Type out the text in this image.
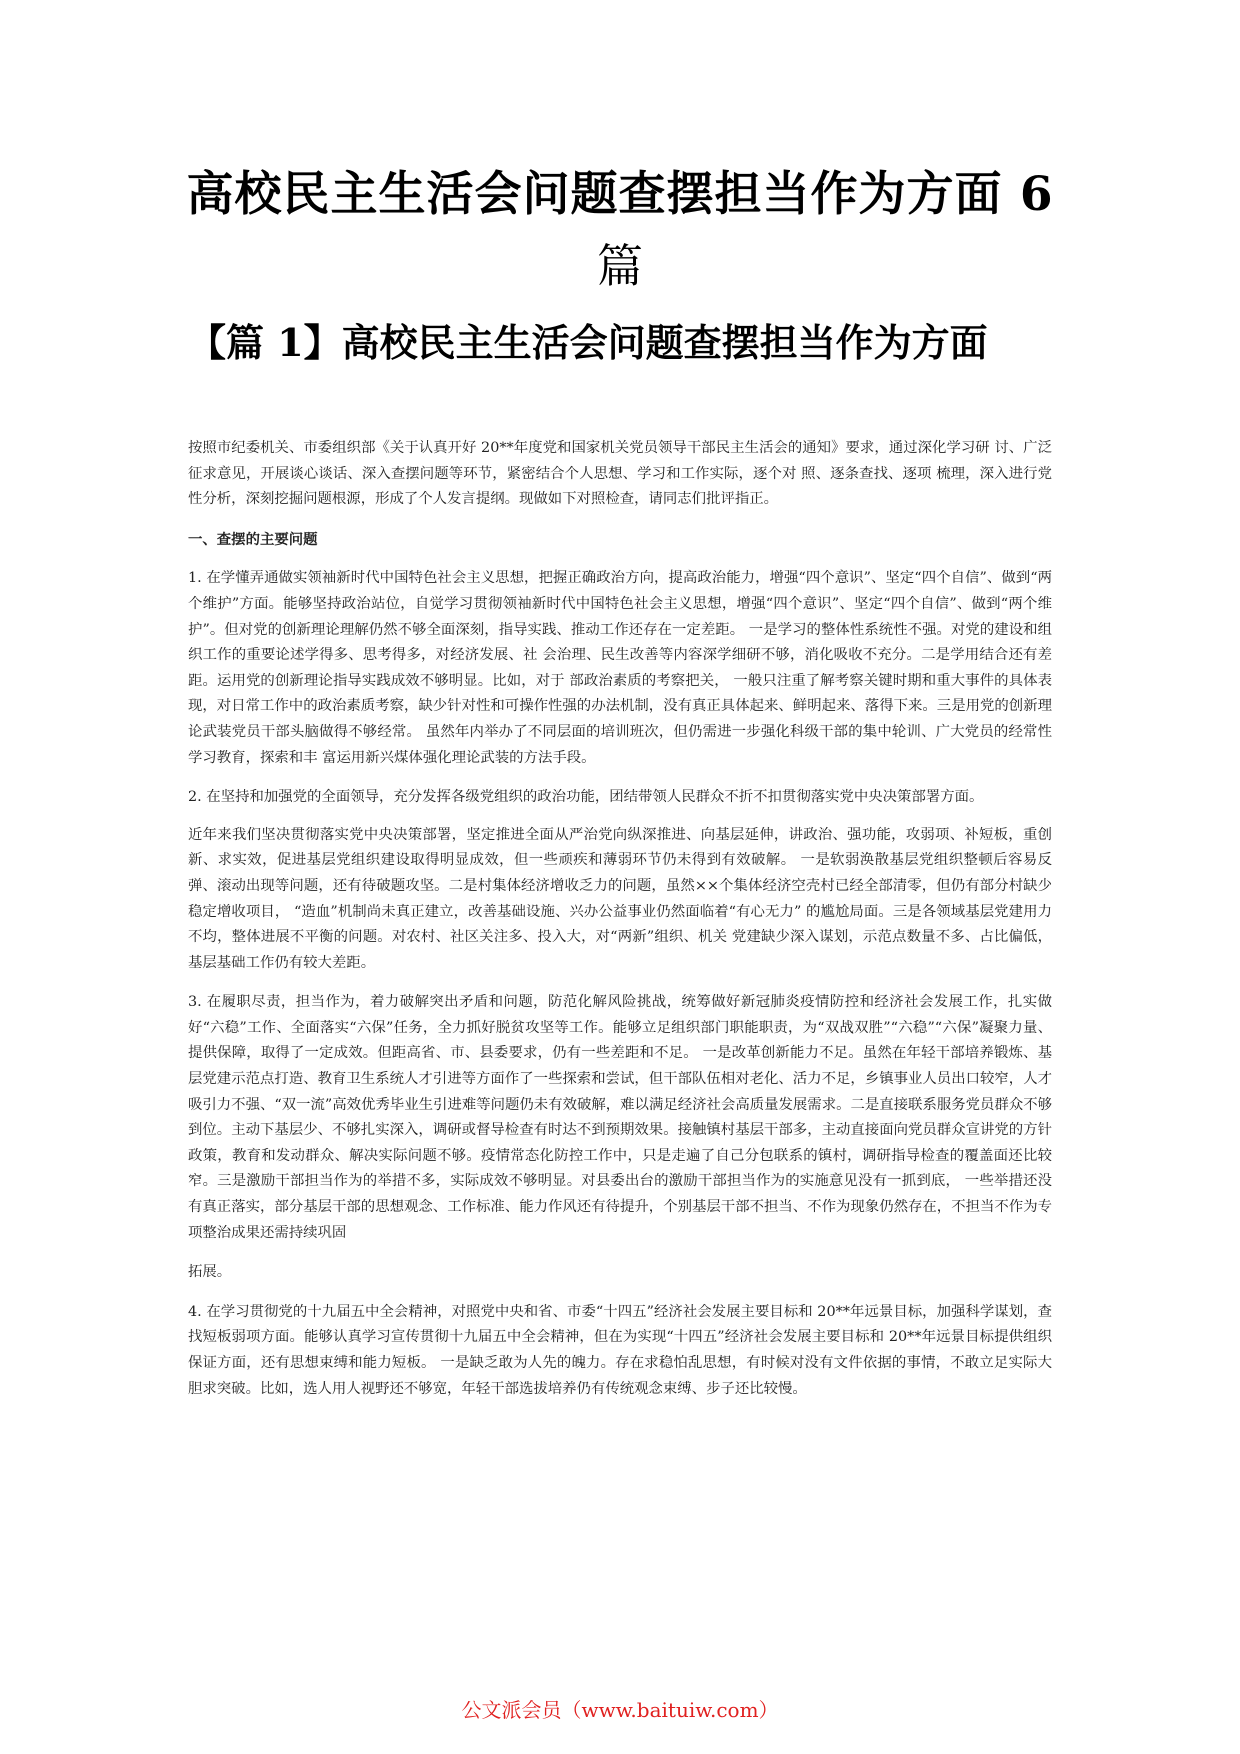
高校民主生活会问题查摆担当作为方面 6
篇
【篇 1】高校民主生活会问题查摆担当作为方面

按照市纪委机关、市委组织部《关于认真开好 20**年度党和国家机关党员领导干部民主生活会的通知》要求，通过深化学习研 讨、广泛征求意见，开展谈心谈话、深入查摆问题等环节，紧密结合个人思想、学习和工作实际，逐个对 照、逐条查找、逐项 梳理，深入进行党性分析，深刻挖掘问题根源，形成了个人发言提纲。现做如下对照检查，请同志们批评指正。

一、查摆的主要问题

1. 在学懂弄通做实领袖新时代中国特色社会主义思想，把握正确政治方向，提高政治能力，增强“四个意识”、坚定“四个自信”、做到“两个维护”方面。能够坚持政治站位，自觉学习贯彻领袖新时代中国特色社会主义思想，增强“四个意识”、坚定“四个自信”、做到“两个维护”。但对党的创新理论理解仍然不够全面深刻，指导实践、推动工作还存在一定差距。 一是学习的整体性系统性不强。对党的建设和组织工作的重要论述学得多、思考得多，对经济发展、社 会治理、民生改善等内容深学细研不够，消化吸收不充分。二是学用结合还有差距。运用党的创新理论指导实践成效不够明显。比如，对于 部政治素质的考察把关， 一般只注重了解考察关键时期和重大事件的具体表现，对日常工作中的政治素质考察，缺少针对性和可操作性强的办法机制，没有真正具体起来、鲜明起来、落得下来。三是用党的创新理论武装党员干部头脑做得不够经常。 虽然年内举办了不同层面的培训班次，但仍需进一步强化科级干部的集中轮训、广大党员的经常性学习教育，探索和丰 富运用新兴煤体强化理论武装的方法手段。

2. 在坚持和加强党的全面领导，充分发挥各级党组织的政治功能，团结带领人民群众不折不扣贯彻落实党中央决策部署方面。

近年来我们坚决贯彻落实党中央决策部署，坚定推进全面从严治党向纵深推进、向基层延伸，讲政治、强功能，攻弱项、补短板，重创新、求实效，促进基层党组织建设取得明显成效，但一些顽疾和薄弱环节仍未得到有效破解。 一是软弱涣散基层党组织整顿后容易反弹、滚动出现等问题，还有待破题攻坚。二是村集体经济增收乏力的问题，虽然××个集体经济空壳村已经全部清零，但仍有部分村缺少稳定增收项目， “造血”机制尚未真正建立，改善基础设施、兴办公益事业仍然面临着“有心无力” 的尴尬局面。三是各领域基层党建用力不均，整体进展不平衡的问题。对农村、社区关注多、投入大，对“两新”组织、机关 党建缺少深入谋划，示范点数量不多、占比偏低，基层基础工作仍有较大差距。

3. 在履职尽责，担当作为，着力破解突出矛盾和问题，防范化解风险挑战，统筹做好新冠肺炎疫情防控和经济社会发展工作，扎实做好“六稳”工作、全面落实“六保”任务，全力抓好脱贫攻坚等工作。能够立足组织部门职能职责，为“双战双胜”“六稳”“六保”凝聚力量、提供保障，取得了一定成效。但距高省、市、县委要求，仍有一些差距和不足。 一是改革创新能力不足。虽然在年轻干部培养锻炼、基层党建示范点打造、教育卫生系统人才引进等方面作了一些探索和尝试，但干部队伍相对老化、活力不足，乡镇事业人员出口较窄，人才吸引力不强、“双一流”高效优秀毕业生引进难等问题仍未有效破解，难以满足经济社会高质量发展需求。二是直接联系服务党员群众不够到位。主动下基层少、不够扎实深入，调研或督导检查有时达不到预期效果。接触镇村基层干部多，主动直接面向党员群众宣讲党的方针政策，教育和发动群众、解决实际问题不够。疫情常态化防控工作中，只是走遍了自己分包联系的镇村，调研指导检查的覆盖面还比较窄。三是激励干部担当作为的举措不多，实际成效不够明显。对县委出台的激励干部担当作为的实施意见没有一抓到底， 一些举措还没有真正落实，部分基层干部的思想观念、工作标准、能力作风还有待提升，个别基层干部不担当、不作为现象仍然存在，不担当不作为专项整治成果还需持续巩固

拓展。

4. 在学习贯彻党的十九届五中全会精神，对照党中央和省、市委“十四五”经济社会发展主要目标和 20**年远景目标，加强科学谋划，查找短板弱项方面。能够认真学习宣传贯彻十九届五中全会精神，但在为实现“十四五”经济社会发展主要目标和 20**年远景目标提供组织保证方面，还有思想束缚和能力短板。 一是缺乏敢为人先的魄力。存在求稳怕乱思想，有时候对没有文件依据的事情，不敢立足实际大胆求突破。比如，选人用人视野还不够宽，年轻干部选拔培养仍有传统观念束缚、步子还比较慢。

公文派会员（www.baituiw.com）
